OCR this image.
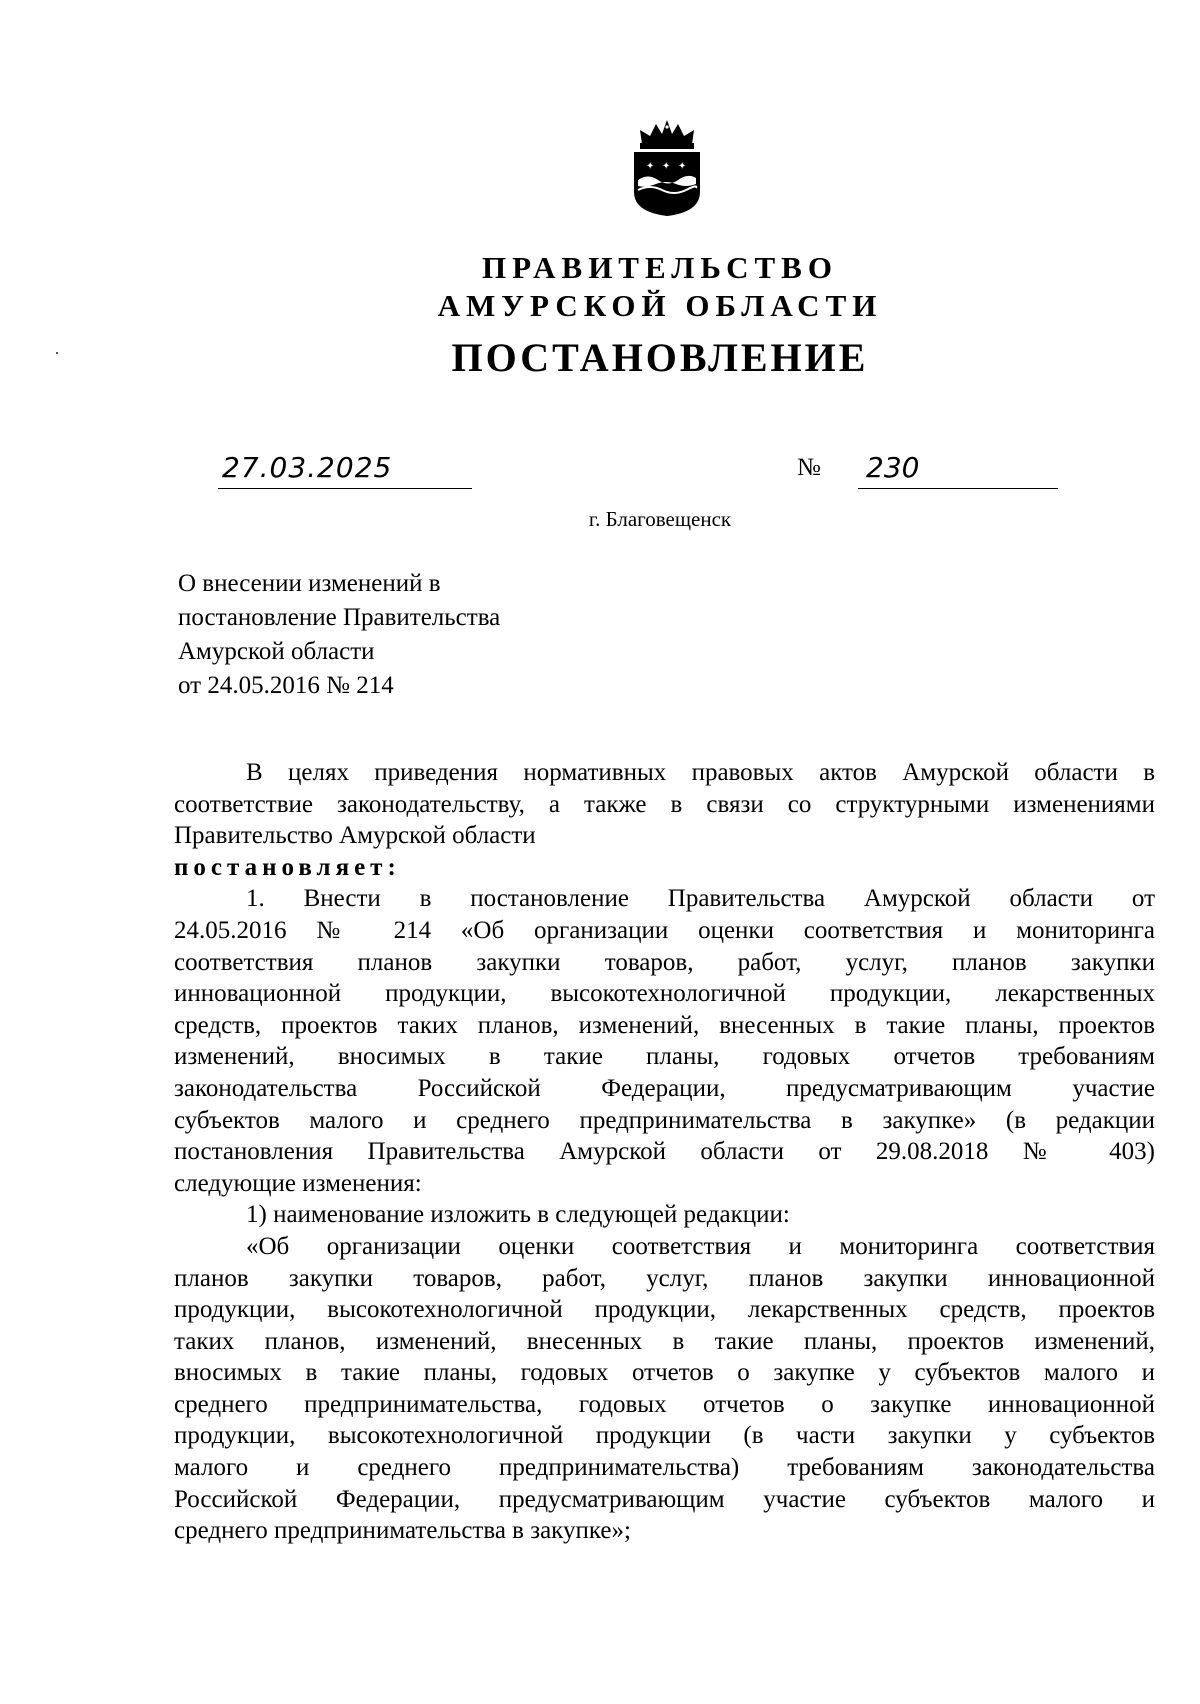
✦ ✦ ✦
ПРАВИТЕЛЬСТВО
АМУРСКОЙ ОБЛАСТИ
ПОСТАНОВЛЕНИЕ
27.03.2025	№ 230
г. Благовещенск
О внесении изменений в
постановление Правительства
Амурской области
от 24.05.2016 № 214

В целях приведения нормативных правовых актов Амурской области в

соответствие законодательству, а также в связи со структурными изменениями

Правительство Амурской области

постановляет:

1. Внести в постановление Правительства Амурской области от

24.05.2016 № 214 «Об организации оценки соответствия и мониторинга

соответствия планов закупки товаров, работ, услуг, планов закупки

инновационной продукции, высокотехнологичной продукции, лекарственных

средств, проектов таких планов, изменений, внесенных в такие планы, проектов

изменений, вносимых в такие планы, годовых отчетов требованиям

законодательства Российской Федерации, предусматривающим участие

субъектов малого и среднего предпринимательства в закупке» (в редакции

постановления Правительства Амурской области от 29.08.2018 № 403)

следующие изменения:

1) наименование изложить в следующей редакции:

«Об организации оценки соответствия и мониторинга соответствия

планов закупки товаров, работ, услуг, планов закупки инновационной

продукции, высокотехнологичной продукции, лекарственных средств, проектов

таких планов, изменений, внесенных в такие планы, проектов изменений,

вносимых в такие планы, годовых отчетов о закупке у субъектов малого и

среднего предпринимательства, годовых отчетов о закупке инновационной

продукции, высокотехнологичной продукции (в части закупки у субъектов

малого и среднего предпринимательства) требованиям законодательства

Российской Федерации, предусматривающим участие субъектов малого и

среднего предпринимательства в закупке»;
